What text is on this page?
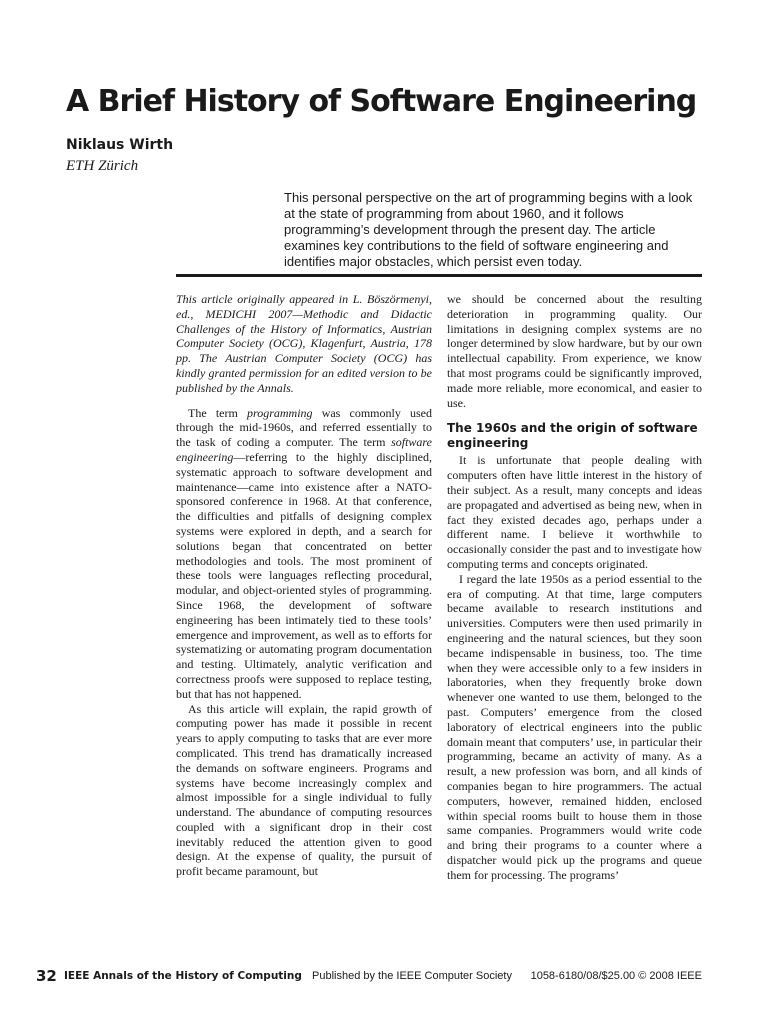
A Brief History of Software Engineering
Niklaus Wirth
ETH Zürich

This personal perspective on the art of programming begins with a look at the state of programming from about 1960, and it follows programming’s development through the present day. The article examines key contributions to the field of software engineering and identifies major obstacles, which persist even today.

This article originally appeared in L. Böszörmenyi, ed., MEDICHI 2007—Methodic and Didactic Challenges of the History of Informatics, Austrian Computer Society (OCG), Klagenfurt, Austria, 178 pp. The Austrian Computer Society (OCG) has kindly granted permission for an edited version to be published by the Annals.

The term programming was commonly used through the mid-1960s, and referred essentially to the task of coding a computer. The term software engineering—referring to the highly disciplined, systematic approach to software development and maintenance—came into existence after a NATO-sponsored conference in 1968. At that conference, the difficulties and pitfalls of designing complex systems were explored in depth, and a search for solutions began that concentrated on better methodologies and tools. The most prominent of these tools were languages reflecting procedural, modular, and object-oriented styles of programming. Since 1968, the development of software engineering has been intimately tied to these tools’ emergence and improvement, as well as to efforts for systematizing or automating program documentation and testing. Ultimately, analytic verification and correctness proofs were supposed to replace testing, but that has not happened.

As this article will explain, the rapid growth of computing power has made it possible in recent years to apply computing to tasks that are ever more complicated. This trend has dramatically increased the demands on software engineers. Programs and systems have become increasingly complex and almost impossible for a single individual to fully understand. The abundance of computing resources coupled with a significant drop in their cost inevitably reduced the attention given to good design. At the expense of quality, the pursuit of profit became paramount, but

we should be concerned about the resulting deterioration in programming quality. Our limitations in designing complex systems are no longer determined by slow hardware, but by our own intellectual capability. From experience, we know that most programs could be significantly improved, made more reliable, more economical, and easier to use.

The 1960s and the origin of software engineering

It is unfortunate that people dealing with computers often have little interest in the history of their subject. As a result, many concepts and ideas are propagated and advertised as being new, when in fact they existed decades ago, perhaps under a different name. I believe it worthwhile to occasionally consider the past and to investigate how computing terms and concepts originated.

I regard the late 1950s as a period essential to the era of computing. At that time, large computers became available to research institutions and universities. Computers were then used primarily in engineering and the natural sciences, but they soon became indispensable in business, too. The time when they were accessible only to a few insiders in laboratories, when they frequently broke down whenever one wanted to use them, belonged to the past. Computers’ emergence from the closed laboratory of electrical engineers into the public domain meant that computers’ use, in particular their programming, became an activity of many. As a result, a new profession was born, and all kinds of companies began to hire programmers. The actual computers, however, remained hidden, enclosed within special rooms built to house them in those same companies. Programmers would write code and bring their programs to a counter where a dispatcher would pick up the programs and queue them for processing. The programs’

32 IEEE Annals of the History of Computing Published by the IEEE Computer Society 1058-6180/08/$25.00 © 2008 IEEE
